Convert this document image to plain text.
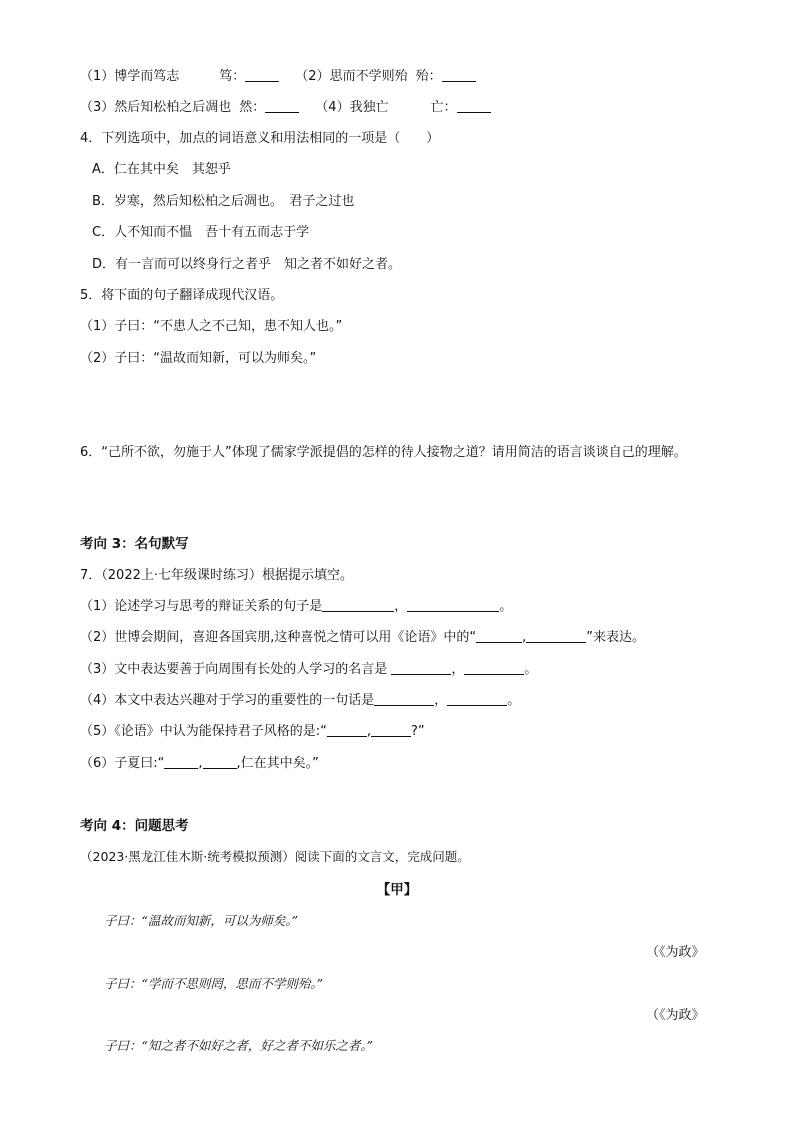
（1）博学而笃志	笃：	（2）思而不学则殆 殆：
（3）然后知松柏之后凋也 然：	（4）我独亡	亡：
4．下列选项中，加点的词语意义和用法相同的一项是（　　）
A．仁在其中矣　其恕乎
B．岁寒，然后知松柏之后凋也。　君子之过也
C．人不知而不愠　吾十有五而志于学
D．有一言而可以终身行之者乎　知之者不如好之者。
5．将下面的句子翻译成现代汉语。
（1）子曰：“不患人之不己知，患不知人也。”
（2）子曰：“温故而知新，可以为师矣。”
6．“己所不欲，勿施于人”体现了儒家学派提倡的怎样的待人接物之道？请用简洁的语言谈谈自己的理解。
考向 3：名句默写
7．（2022上·七年级课时练习）根据提示填空。
（1）论述学习与思考的辩证关系的句子是	，	。
（2）世博会期间，喜迎各国宾朋,这种喜悦之情可以用《论语》中的“	,	”来表达。
（3）文中表达要善于向周围有长处的人学习的名言是	，	。
（4）本文中表达兴趣对于学习的重要性的一句话是	，	。
（5）《论语》中认为能保持君子风格的是:“	,	?”
（6）子夏曰:“	,	,仁在其中矣。”
考向 4：问题思考
（2023·黑龙江佳木斯·统考模拟预测）阅读下面的文言文，完成问题。
【甲】
子曰：“温故而知新，可以为师矣。”
（《为政》
子曰：“学而不思则罔，思而不学则殆。”
（《为政》
子曰：“知之者不如好之者，好之者不如乐之者。”
